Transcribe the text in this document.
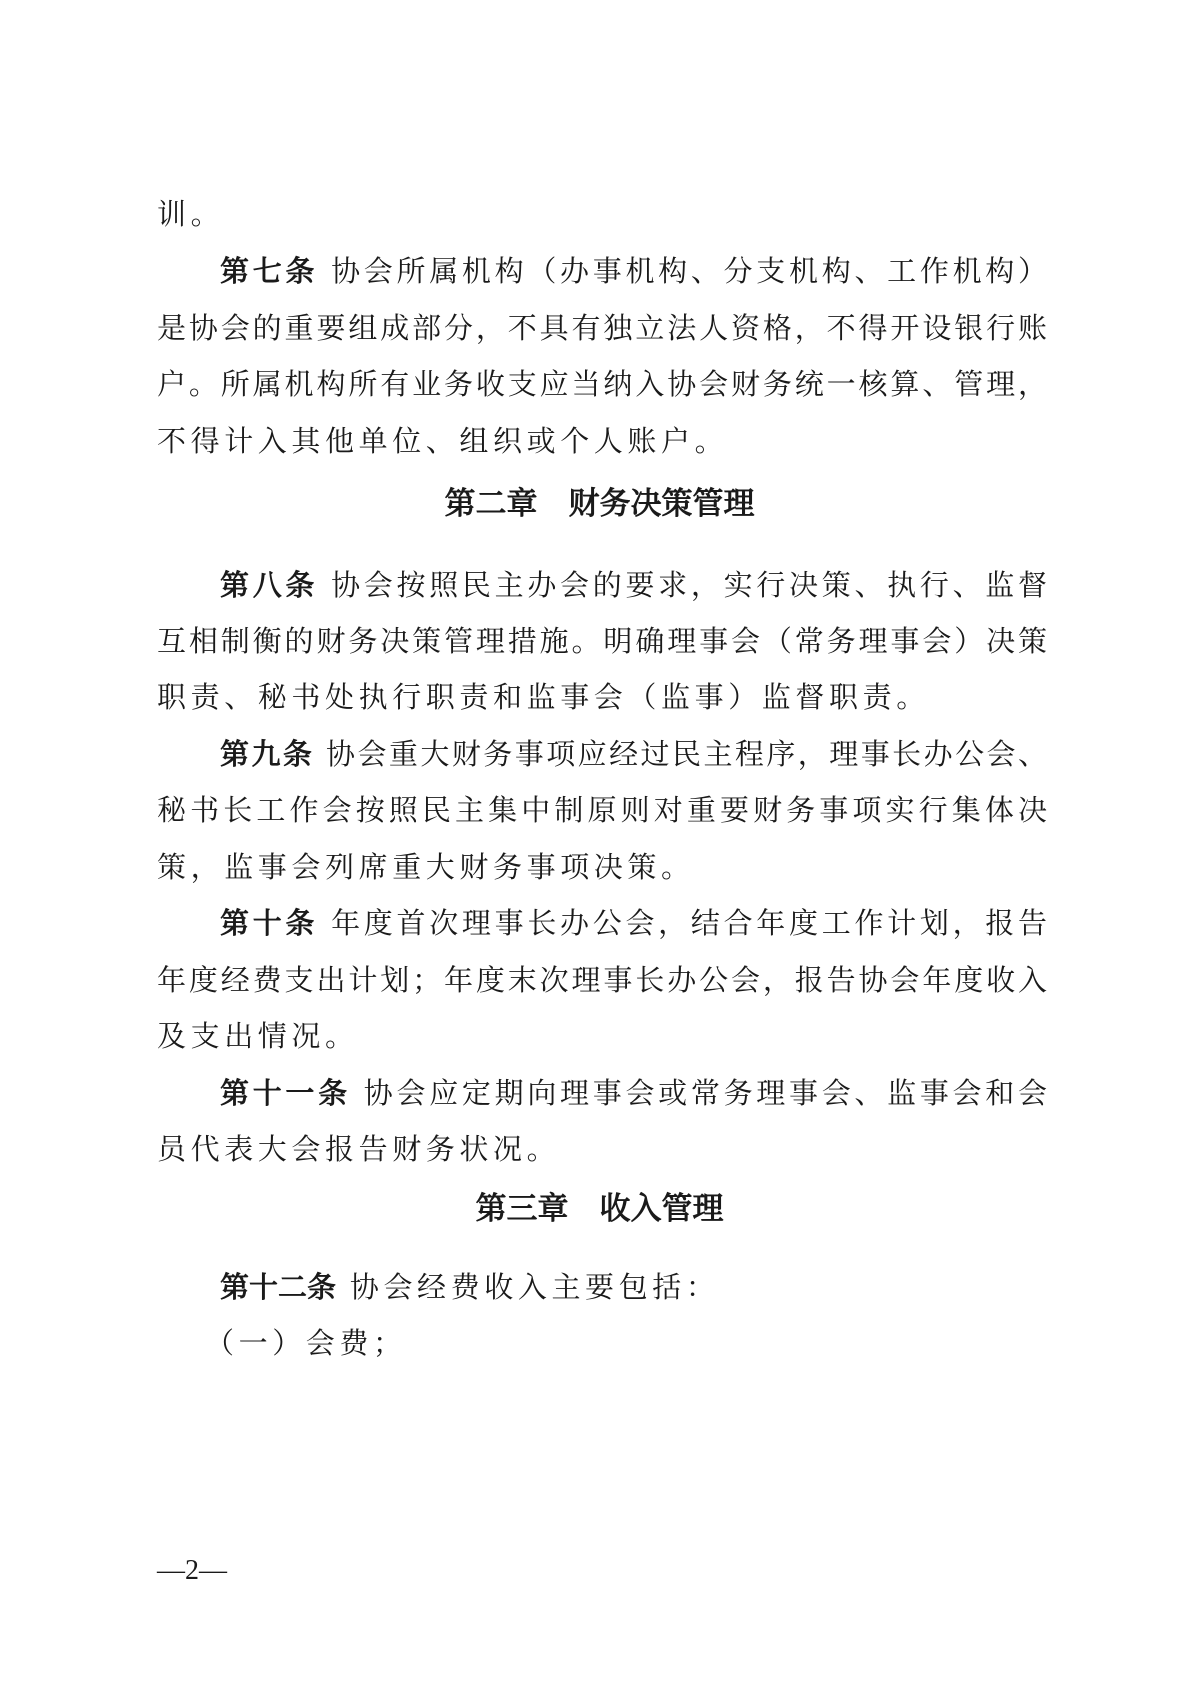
训。
第七条 协会所属机构（办事机构、分支机构、工作机构）
是协会的重要组成部分，不具有独立法人资格，不得开设银行账
户。所属机构所有业务收支应当纳入协会财务统一核算、管理，
不得计入其他单位、组织或个人账户。
第二章　财务决策管理
第八条 协会按照民主办会的要求，实行决策、执行、监督
互相制衡的财务决策管理措施。明确理事会（常务理事会）决策
职责、秘书处执行职责和监事会（监事）监督职责。
第九条 协会重大财务事项应经过民主程序，理事长办公会、
秘书长工作会按照民主集中制原则对重要财务事项实行集体决
策，监事会列席重大财务事项决策。
第十条 年度首次理事长办公会，结合年度工作计划，报告
年度经费支出计划；年度末次理事长办公会，报告协会年度收入
及支出情况。
第十一条 协会应定期向理事会或常务理事会、监事会和会
员代表大会报告财务状况。
第三章　收入管理
第十二条 协会经费收入主要包括：
（一）会费；
—2—
